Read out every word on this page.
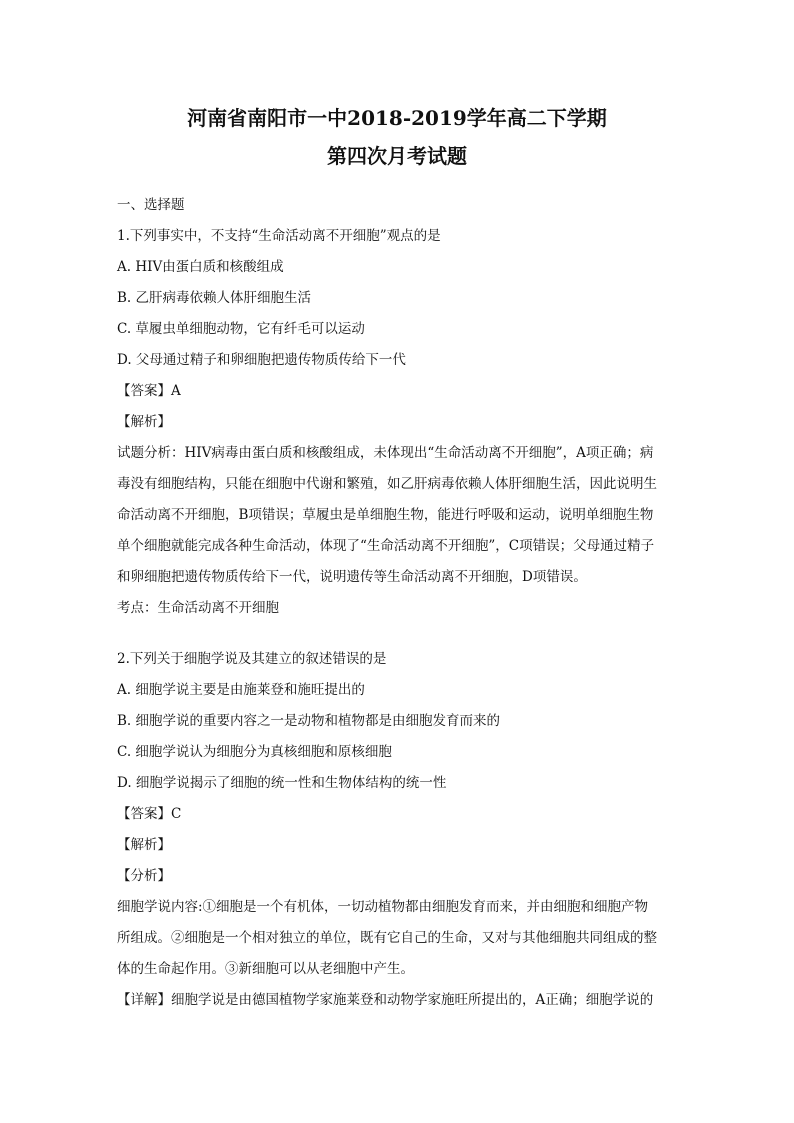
河南省南阳市一中2018-2019学年高二下学期

第四次月考试题

一、选择题

1.下列事实中，不支持“生命活动离不开细胞”观点的是

A. HIV由蛋白质和核酸组成

B. 乙肝病毒依赖人体肝细胞生活

C. 草履虫单细胞动物，它有纤毛可以运动

D. 父母通过精子和卵细胞把遗传物质传给下一代

【答案】A

【解析】

试题分析：HIV病毒由蛋白质和核酸组成，未体现出“生命活动离不开细胞”，A项正确；病

毒没有细胞结构，只能在细胞中代谢和繁殖，如乙肝病毒依赖人体肝细胞生活，因此说明生

命活动离不开细胞，B项错误；草履虫是单细胞生物，能进行呼吸和运动，说明单细胞生物

单个细胞就能完成各种生命活动，体现了“生命活动离不开细胞”，C项错误；父母通过精子

和卵细胞把遗传物质传给下一代，说明遗传等生命活动离不开细胞，D项错误。

考点：生命活动离不开细胞

2.下列关于细胞学说及其建立的叙述错误的是

A. 细胞学说主要是由施莱登和施旺提出的

B. 细胞学说的重要内容之一是动物和植物都是由细胞发育而来的

C. 细胞学说认为细胞分为真核细胞和原核细胞

D. 细胞学说揭示了细胞的统一性和生物体结构的统一性

【答案】C

【解析】

【分析】

细胞学说内容:①细胞是一个有机体，一切动植物都由细胞发育而来，并由细胞和细胞产物

所组成。②细胞是一个相对独立的单位，既有它自己的生命，又对与其他细胞共同组成的整

体的生命起作用。③新细胞可以从老细胞中产生。

【详解】细胞学说是由德国植物学家施莱登和动物学家施旺所提出的，A正确；细胞学说的
